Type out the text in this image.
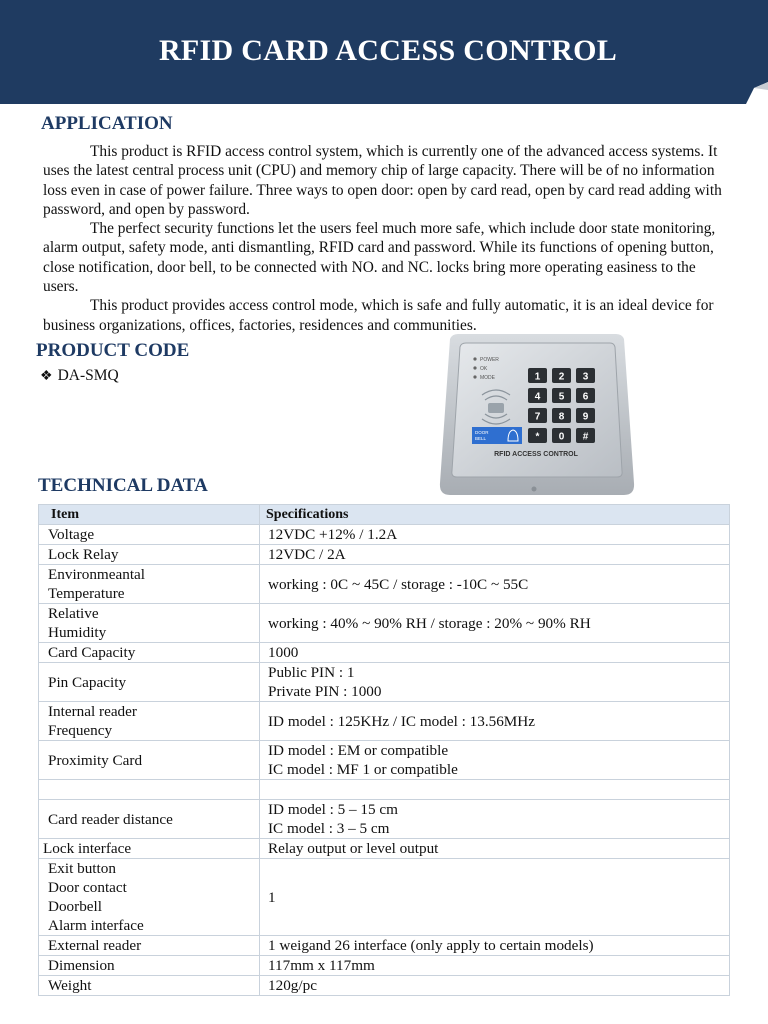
RFID CARD ACCESS CONTROL
APPLICATION

This product is RFID access control system, which is currently one of the advanced access systems. It uses the latest central process unit (CPU) and memory chip of large capacity. There will be of no information loss even in case of power failure. Three ways to open door: open by card read, open by card read adding with password, and open by password.

The perfect security functions let the users feel much more safe, which include door state monitoring, alarm output, safety mode, anti dismantling, RFID card and password. While its functions of opening button, close notification, door bell, to be connected with NO. and NC. locks bring more operating easiness to the users.

This product provides access control mode, which is safe and fully automatic, it is an ideal device for business organizations, offices, factories, residences and communities.

PRODUCT CODE
❖ DA-SMQ
POWER
OK
MODE	1 2 3
4 5 6
7 8 9
* 0 #
DOOR
BELL
RFID ACCESS CONTROL
TECHNICAL DATA
Item	Specifications
Voltage	12VDC +12% / 1.2A
Lock Relay	12VDC / 2A

Environmeantal
Temperature	working : 0C ~ 45C / storage : -10C ~ 55C

Relative
Humidity	working : 40% ~ 90% RH / storage : 20% ~ 90% RH
Card Capacity	1000
Pin Capacity	Public PIN : 1
Private PIN : 1000

Internal reader
Frequency	ID model : 125KHz / IC model : 13.56MHz
Proximity Card	ID model : EM or compatible
IC model : MF 1 or compatible

Card reader distance	ID model : 5 – 15 cm
IC model : 3 – 5 cm

Lock interface	Relay output or level output

Exit button
Door contact
Doorbell
Alarm interface	1
External reader	1 weigand 26 interface (only apply to certain models)
Dimension	117mm x 117mm
Weight	120g/pc
